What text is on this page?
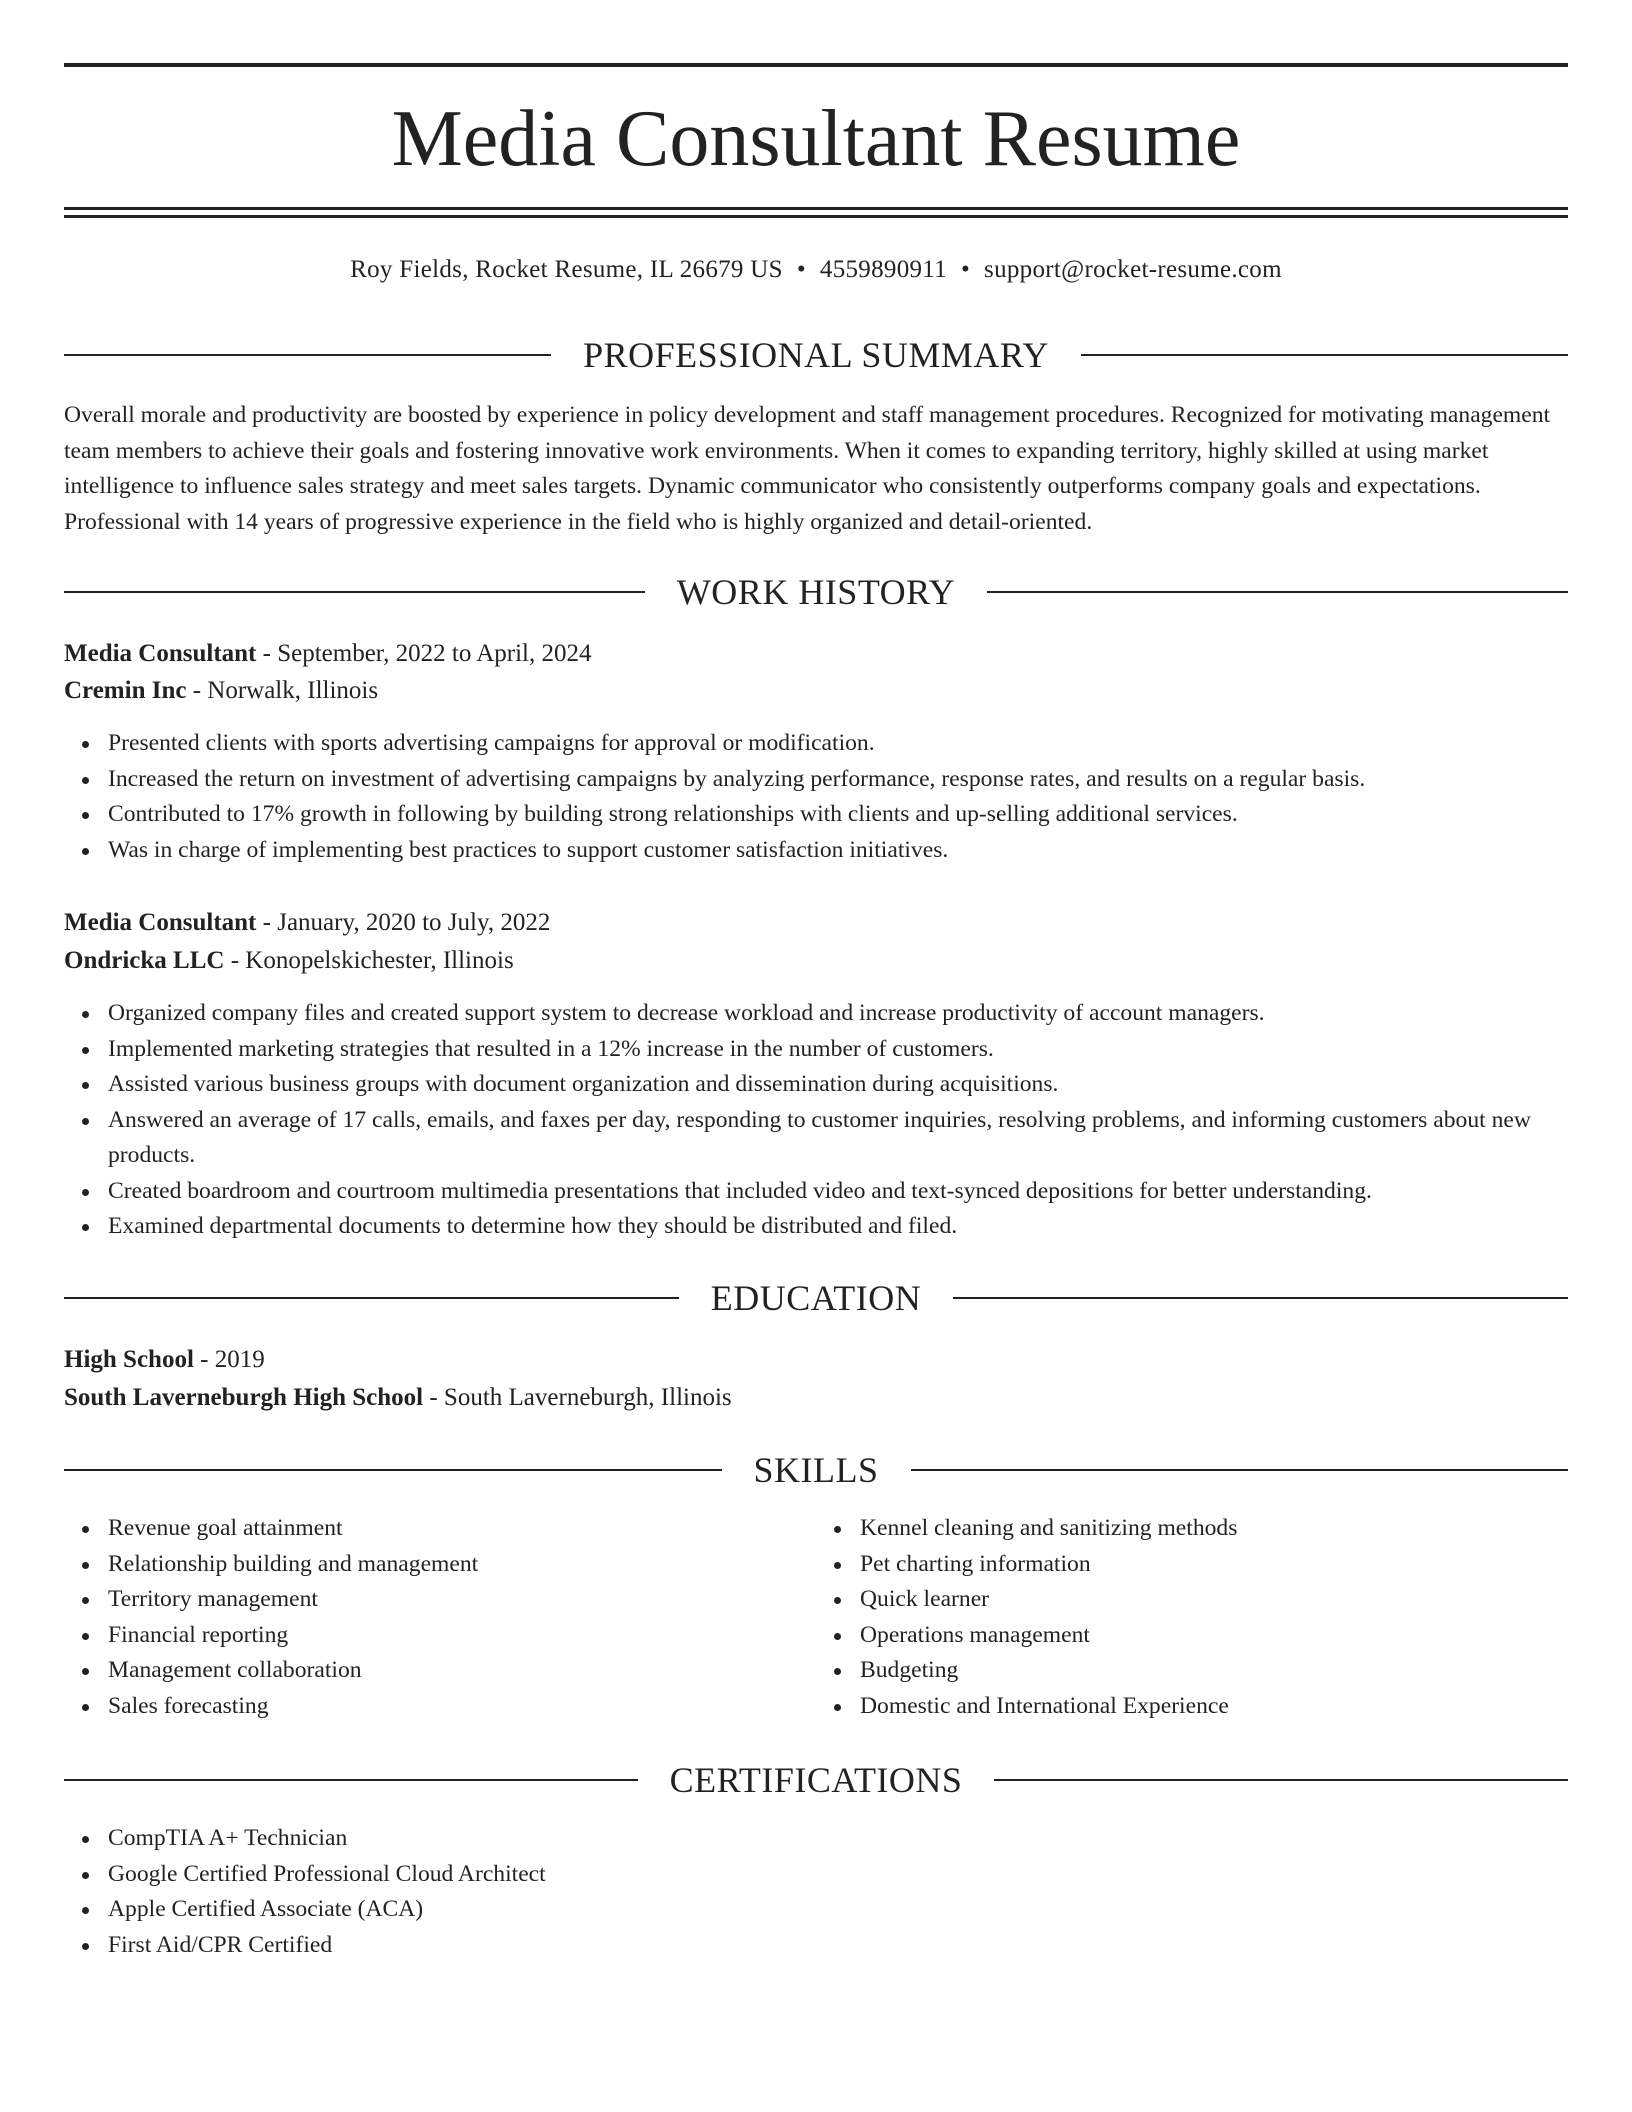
Media Consultant Resume
Roy Fields, Rocket Resume, IL 26679 US • 4559890911 • support@rocket-resume.com
PROFESSIONAL SUMMARY

Overall morale and productivity are boosted by experience in policy development and staff management procedures. Recognized for motivating management team members to achieve their goals and fostering innovative work environments. When it comes to expanding territory, highly skilled at using market intelligence to influence sales strategy and meet sales targets. Dynamic communicator who consistently outperforms company goals and expectations. Professional with 14 years of progressive experience in the field who is highly organized and detail-oriented.

WORK HISTORY
Media Consultant - September, 2022 to April, 2024
Cremin Inc - Norwalk, Illinois
Presented clients with sports advertising campaigns for approval or modification.
Increased the return on investment of advertising campaigns by analyzing performance, response rates, and results on a regular basis.
Contributed to 17% growth in following by building strong relationships with clients and up-selling additional services.
Was in charge of implementing best practices to support customer satisfaction initiatives.
Media Consultant - January, 2020 to July, 2022
Ondricka LLC - Konopelskichester, Illinois
Organized company files and created support system to decrease workload and increase productivity of account managers.
Implemented marketing strategies that resulted in a 12% increase in the number of customers.
Assisted various business groups with document organization and dissemination during acquisitions.
Answered an average of 17 calls, emails, and faxes per day, responding to customer inquiries, resolving problems, and informing customers about new products.
Created boardroom and courtroom multimedia presentations that included video and text-synced depositions for better understanding.
Examined departmental documents to determine how they should be distributed and filed.
EDUCATION
High School - 2019
South Laverneburgh High School - South Laverneburgh, Illinois
SKILLS
Revenue goal attainment
Relationship building and management
Territory management
Financial reporting
Management collaboration
Sales forecasting
Kennel cleaning and sanitizing methods
Pet charting information
Quick learner
Operations management
Budgeting
Domestic and International Experience
CERTIFICATIONS
CompTIA A+ Technician
Google Certified Professional Cloud Architect
Apple Certified Associate (ACA)
First Aid/CPR Certified
